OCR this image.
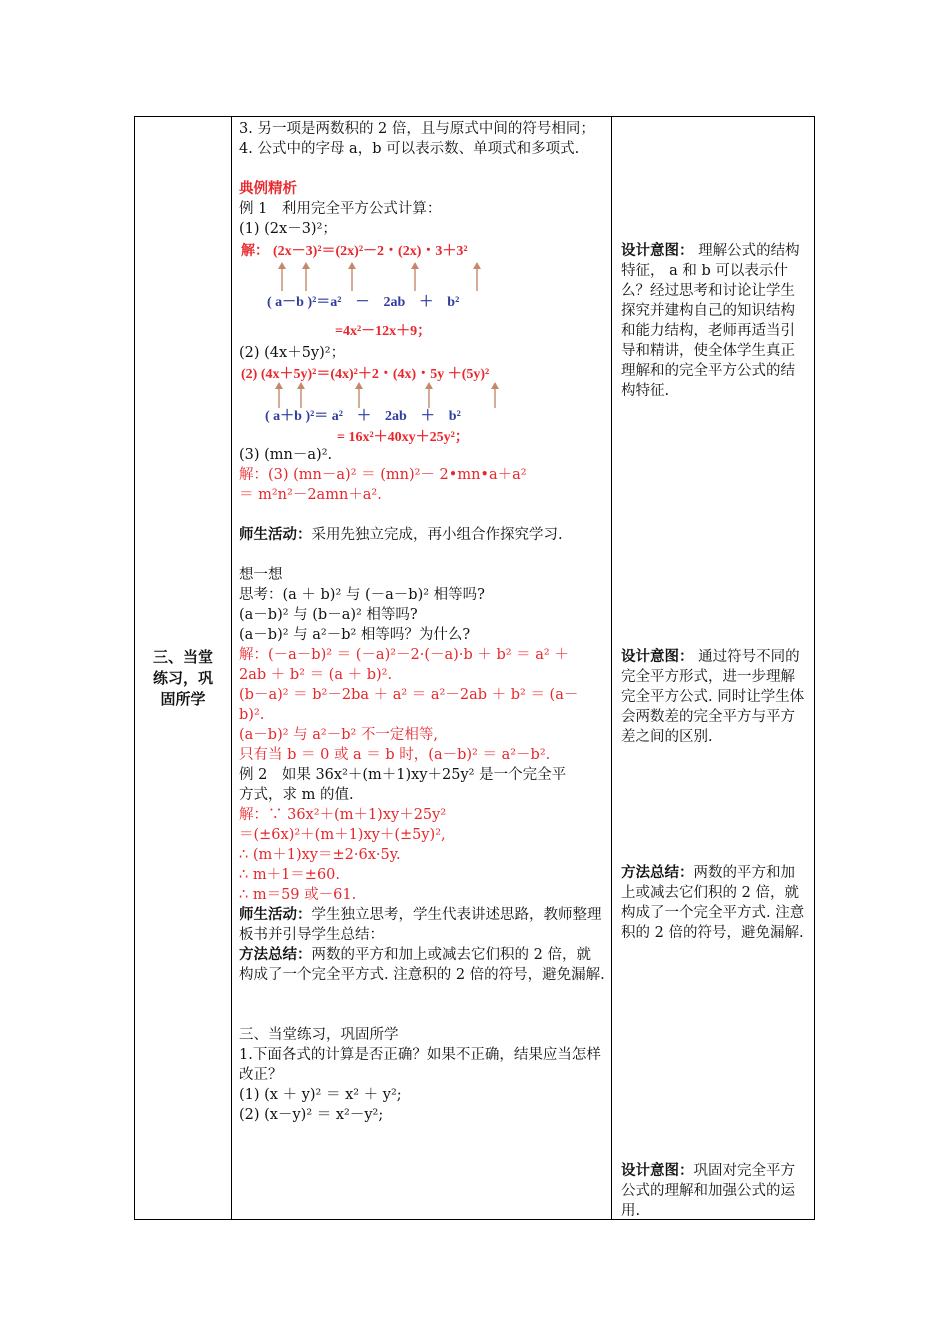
三、当堂练习，巩固所学

3. 另一项是两数积的 2 倍，且与原式中间的符号相同；

4. 公式中的字母 a，b 可以表示数、单项式和多项式.

典例精析

例 1　利用完全平方公式计算：

(1) (2x－3)²；

解： (2x－3)²＝(2x)²－2・(2x)・3＋3²
( a－b )²＝a²　－　2ab　＋　b²
=4x²－12x＋9；

(2) (4x＋5y)²；

(2) (4x＋5y)²＝(4x)²＋2・(4x)・5y ＋(5y)²
( a＋b )²＝ a²　＋　2ab　＋　b²
= 16x²＋40xy＋25y²；

(3) (mn－a)².

解：(3) (mn－a)² ＝ (mn)²－ 2•mn•a＋a²

＝ m²n²－2amn＋a².

师生活动：采用先独立完成，再小组合作探究学习.

想一想

思考：(a ＋ b)² 与 (－a－b)² 相等吗?

(a－b)² 与 (b－a)² 相等吗?

(a－b)² 与 a²－b² 相等吗？为什么?

解：(－a－b)² ＝ (－a)²－2·(－a)·b ＋ b² ＝ a² ＋

2ab ＋ b² ＝ (a ＋ b)².

(b－a)² ＝ b²－2ba ＋ a² ＝ a²－2ab ＋ b² ＝ (a－

b)².

(a－b)² 与 a²－b² 不一定相等,

只有当 b ＝ 0 或 a ＝ b 时，(a－b)² ＝ a²－b².

例 2　如果 36x²＋(m＋1)xy＋25y² 是一个完全平

方式，求 m 的值.

解：∵ 36x²＋(m＋1)xy＋25y²

＝(±6x)²＋(m＋1)xy＋(±5y)²,

∴ (m＋1)xy＝±2·6x·5y.

∴ m＋1＝±60.

∴ m＝59 或－61.

师生活动：学生独立思考，学生代表讲述思路，教师整理板书并引导学生总结：

方法总结：两数的平方和加上或减去它们积的 2 倍，就构成了一个完全平方式. 注意积的 2 倍的符号，避免漏解.

三、当堂练习，巩固所学

1.下面各式的计算是否正确？如果不正确，结果应当怎样改正？

(1) (x ＋ y)² ＝ x² ＋ y²;

(2) (x－y)² ＝ x²－y²;

设计意图： 理解公式的结构特征， a 和 b 可以表示什么？经过思考和讨论让学生探究并建构自己的知识结构和能力结构，老师再适当引导和精讲，使全体学生真正理解和的完全平方公式的结构特征.

设计意图： 通过符号不同的完全平方形式，进一步理解完全平方公式. 同时让学生体会两数差的完全平方与平方差之间的区别.

方法总结：两数的平方和加上或减去它们积的 2 倍，就构成了一个完全平方式. 注意积的 2 倍的符号，避免漏解.

设计意图：巩固对完全平方公式的理解和加强公式的运用.
